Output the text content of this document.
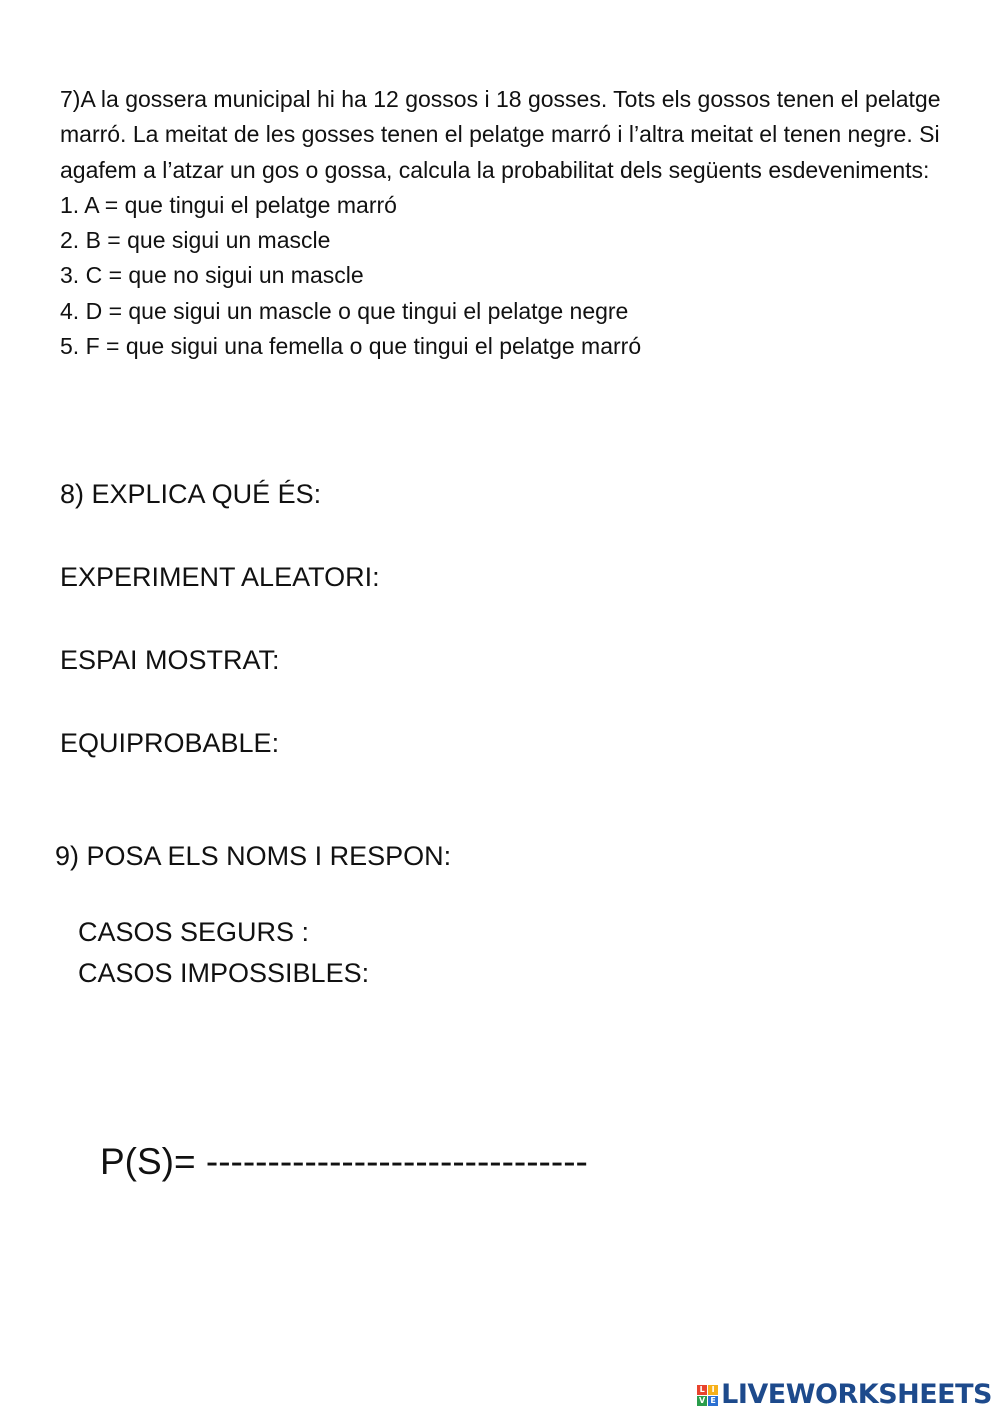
7)A la gossera municipal hi ha 12 gossos i 18 gosses. Tots els gossos tenen el pelatge marró. La meitat de les gosses tenen el pelatge marró i l’altra meitat el tenen negre. Si agafem a l’atzar un gos o gossa, calcula la probabilitat dels següents esdeveniments:

1. A = que tingui el pelatge marró
2. B = que sigui un mascle
3. C = que no sigui un mascle
4. D = que sigui un mascle o que tingui el pelatge negre
5. F = que sigui una femella o que tingui el pelatge marró
8) EXPLICA QUÉ ÉS:
EXPERIMENT ALEATORI:
ESPAI MOSTRAT:
EQUIPROBABLE:
9) POSA ELS NOMS I RESPON:
CASOS SEGURS :
CASOS IMPOSSIBLES:
P(S)= -------------------------------
L I
V E LIVEWORKSHEETS
